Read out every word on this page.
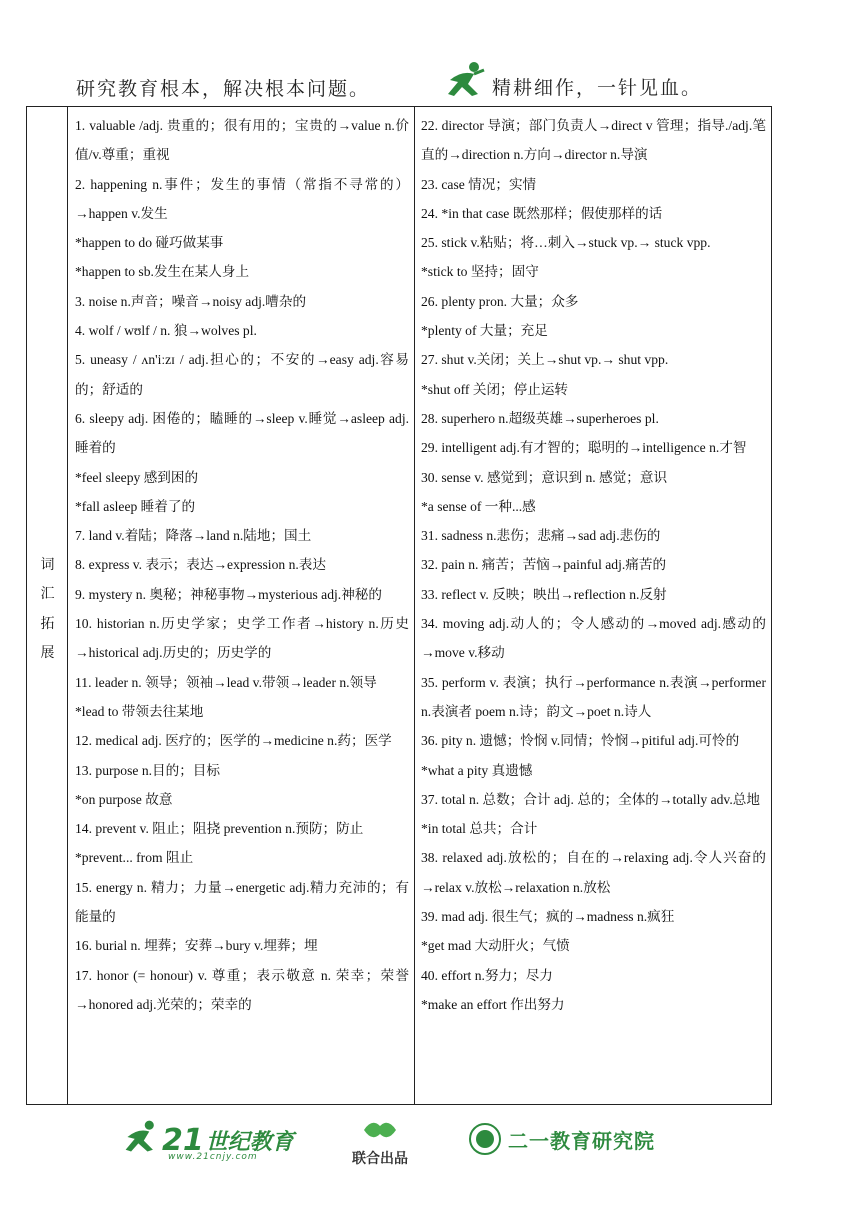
研究教育根本，解决根本问题。	精耕细作，一针见血。
词
汇
拓
展
1. valuable /adj. 贵重的；很有用的；宝贵的→value n.价值/v.尊重；重视
2. happening n.事件；发生的事情（常指不寻常的）→happen v.发生
*happen to do 碰巧做某事
*happen to sb.发生在某人身上
3. noise n.声音；噪音→noisy adj.嘈杂的
4. wolf / wʊlf / n. 狼→wolves pl.
5. uneasy / ʌn'iːzɪ / adj.担心的；不安的→easy adj.容易的；舒适的
6. sleepy adj. 困倦的；瞌睡的→sleep v.睡觉→asleep adj.睡着的
*feel sleepy 感到困的
*fall asleep 睡着了的
7. land v.着陆；降落→land n.陆地；国土
8. express v. 表示；表达→expression n.表达
9. mystery n. 奥秘；神秘事物→mysterious adj.神秘的
10. historian n.历史学家；史学工作者→history n.历史→historical adj.历史的；历史学的
11. leader n. 领导；领袖→lead v.带领→leader n.领导
*lead to 带领去往某地
12. medical adj. 医疗的；医学的→medicine n.药；医学
13. purpose n.目的；目标
*on purpose 故意
14. prevent v. 阻止；阻挠 prevention n.预防；防止
*prevent... from 阻止
15. energy n. 精力；力量→energetic adj.精力充沛的；有能量的
16. burial n. 埋葬；安葬→bury v.埋葬；埋
17. honor (= honour) v. 尊重；表示敬意 n. 荣幸；荣誉→honored adj.光荣的；荣幸的
22. director 导演；部门负责人→direct v 管理；指导./adj.笔直的→direction n.方向→director n.导演
23. case 情况；实情
24. *in that case 既然那样；假使那样的话
25. stick v.粘贴；将…刺入→stuck vp.→ stuck vpp.
*stick to 坚持；固守
26. plenty pron. 大量；众多
*plenty of 大量；充足
27. shut v.关闭；关上→shut vp.→ shut vpp.
*shut off 关闭；停止运转
28. superhero n.超级英雄→superheroes pl.
29. intelligent adj.有才智的；聪明的→intelligence n.才智
30. sense v. 感觉到；意识到 n. 感觉；意识
*a sense of 一种...感
31. sadness n.悲伤；悲痛→sad adj.悲伤的
32. pain n. 痛苦；苦恼→painful adj.痛苦的
33. reflect v. 反映；映出→reflection n.反射
34. moving adj.动人的；令人感动的→moved adj.感动的→move v.移动
35. perform v. 表演；执行→performance n.表演→performer n.表演者 poem n.诗；韵文→poet n.诗人
36. pity n. 遗憾；怜悯 v.同情；怜悯→pitiful adj.可怜的
*what a pity 真遗憾
37. total n. 总数；合计 adj. 总的；全体的→totally adv.总地
*in total 总共；合计
38. relaxed adj.放松的；自在的→relaxing adj.令人兴奋的→relax v.放松→relaxation n.放松
39. mad adj. 很生气；疯的→madness n.疯狂
*get mad 大动肝火；气愤
40. effort n.努力；尽力
*make an effort 作出努力
21 世纪教育
www.21cnjy.com	联合出品
二一教育研究院
